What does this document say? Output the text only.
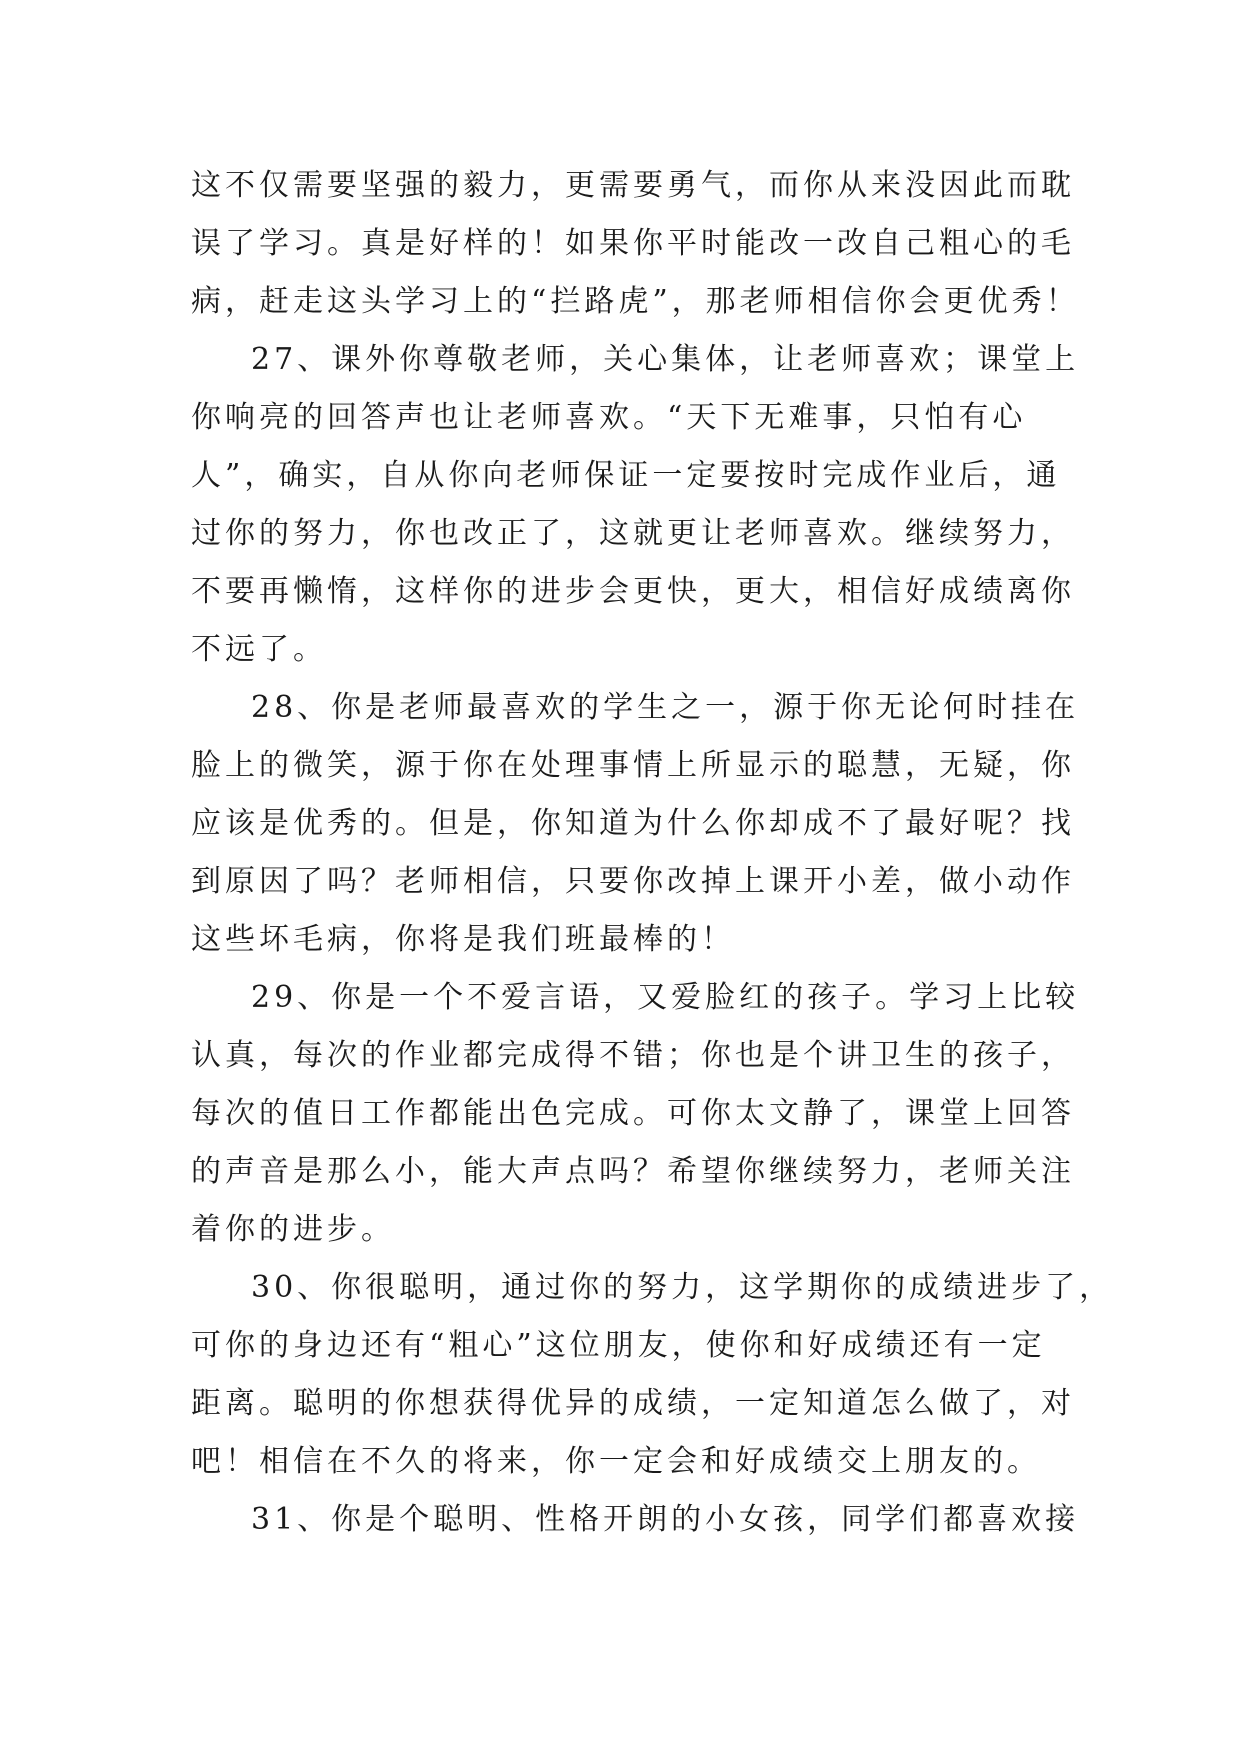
这不仅需要坚强的毅力，更需要勇气，而你从来没因此而耽
误了学习。真是好样的！如果你平时能改一改自己粗心的毛
病，赶走这头学习上的“拦路虎”，那老师相信你会更优秀！
27、课外你尊敬老师，关心集体，让老师喜欢；课堂上
你响亮的回答声也让老师喜欢。“天下无难事，只怕有心
人”，确实，自从你向老师保证一定要按时完成作业后，通
过你的努力，你也改正了，这就更让老师喜欢。继续努力，
不要再懒惰，这样你的进步会更快，更大，相信好成绩离你
不远了。
28、你是老师最喜欢的学生之一，源于你无论何时挂在
脸上的微笑，源于你在处理事情上所显示的聪慧，无疑，你
应该是优秀的。但是，你知道为什么你却成不了最好呢？找
到原因了吗？老师相信，只要你改掉上课开小差，做小动作
这些坏毛病，你将是我们班最棒的！
29、你是一个不爱言语，又爱脸红的孩子。学习上比较
认真，每次的作业都完成得不错；你也是个讲卫生的孩子，
每次的值日工作都能出色完成。可你太文静了，课堂上回答
的声音是那么小，能大声点吗？希望你继续努力，老师关注
着你的进步。
30、你很聪明，通过你的努力，这学期你的成绩进步了，
可你的身边还有“粗心”这位朋友，使你和好成绩还有一定
距离。聪明的你想获得优异的成绩，一定知道怎么做了，对
吧！相信在不久的将来，你一定会和好成绩交上朋友的。
31、你是个聪明、性格开朗的小女孩，同学们都喜欢接
